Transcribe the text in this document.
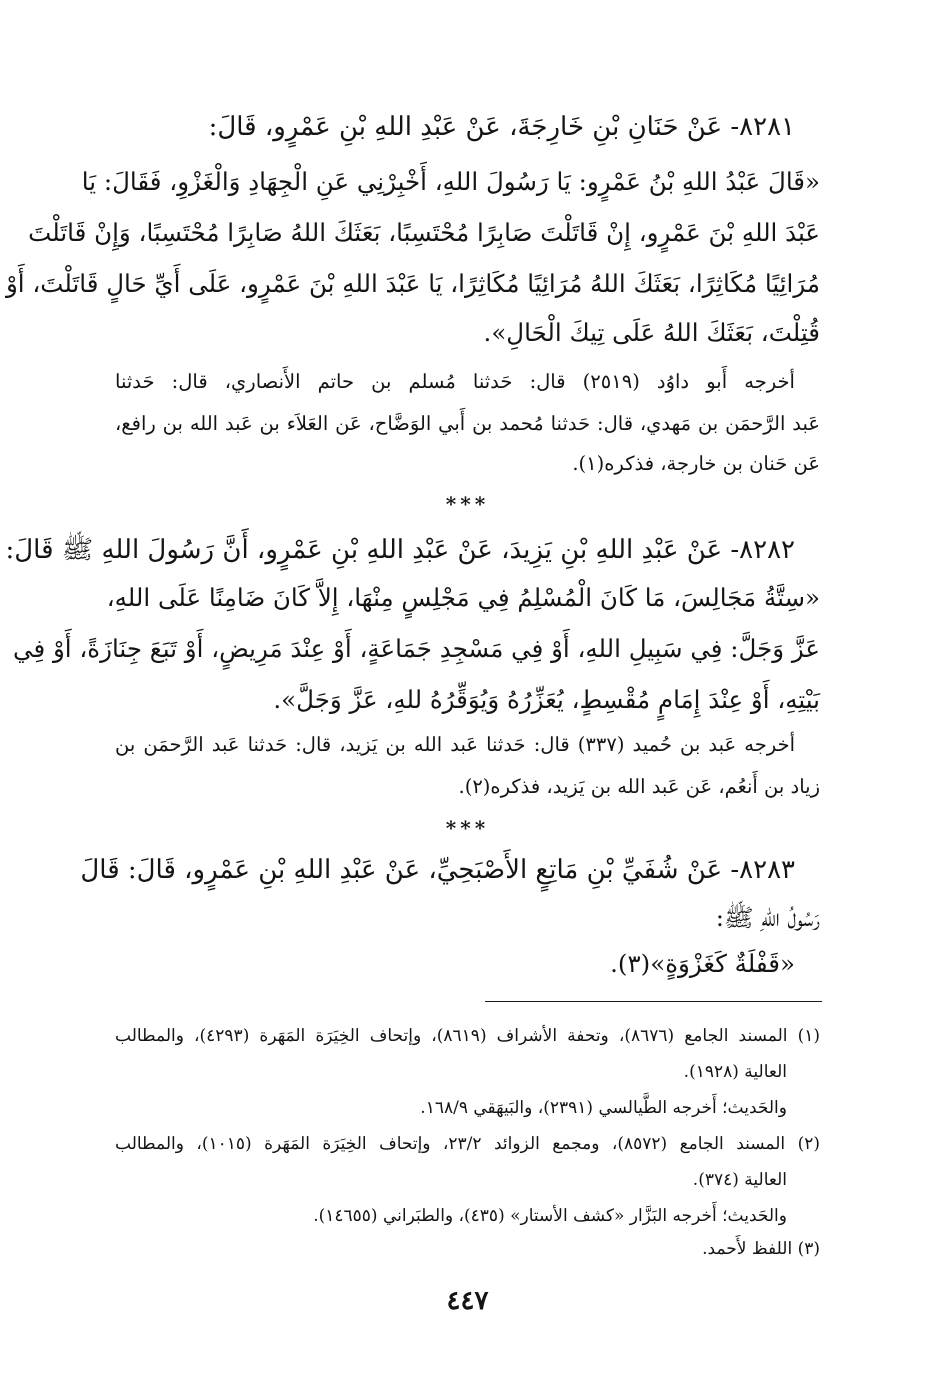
٨٢٨١- عَنْ حَنَانِ بْنِ خَارِجَةَ، عَنْ عَبْدِ اللهِ بْنِ عَمْرٍو، قَالَ:
«قَالَ عَبْدُ اللهِ بْنُ عَمْرٍو: يَا رَسُولَ اللهِ، أَخْبِرْنِي عَنِ الْجِهَادِ وَالْغَزْوِ، فَقَالَ: يَا
عَبْدَ اللهِ بْنَ عَمْرٍو، إِنْ قَاتَلْتَ صَابِرًا مُحْتَسِبًا، بَعَثَكَ اللهُ صَابِرًا مُحْتَسِبًا، وَإِنْ قَاتَلْتَ
مُرَائِيًا مُكَاثِرًا، بَعَثَكَ اللهُ مُرَائِيًا مُكَاثِرًا، يَا عَبْدَ اللهِ بْنَ عَمْرٍو، عَلَى أَيِّ حَالٍ قَاتَلْتَ، أَوْ
قُتِلْتَ، بَعَثَكَ اللهُ عَلَى تِيكَ الْحَالِ».
أخرجه أَبو داوُد (٢٥١٩) قال: حَدثنا مُسلم بن حاتم الأَنصاري، قال: حَدثنا
عَبد الرَّحمَن بن مَهدي، قال: حَدثنا مُحمد بن أَبي الوَضَّاح، عَن العَلاَء بن عَبد الله بن رافع،
عَن حَنان بن خارجة، فذكره(١).
***
٨٢٨٢- عَنْ عَبْدِ اللهِ بْنِ يَزِيدَ، عَنْ عَبْدِ اللهِ بْنِ عَمْرٍو، أَنَّ رَسُولَ اللهِ ﷺ قَالَ:
«سِتَّةُ مَجَالِسَ، مَا كَانَ الْمُسْلِمُ فِي مَجْلِسٍ مِنْهَا، إِلاَّ كَانَ ضَامِنًا عَلَى اللهِ،
عَزَّ وَجَلَّ: فِي سَبِيلِ اللهِ، أَوْ فِي مَسْجِدِ جَمَاعَةٍ، أَوْ عِنْدَ مَرِيضٍ، أَوْ تَبَعَ جِنَازَةً، أَوْ فِي
بَيْتِهِ، أَوْ عِنْدَ إِمَامٍ مُقْسِطٍ، يُعَزِّرُهُ وَيُوَقِّرُهُ للهِ، عَزَّ وَجَلَّ».
أخرجه عَبد بن حُميد (٣٣٧) قال: حَدثنا عَبد الله بن يَزيد، قال: حَدثنا عَبد الرَّحمَن بن
زياد بن أَنعُم، عَن عَبد الله بن يَزيد، فذكره(٢).
***
٨٢٨٣- عَنْ شُفَيِّ بْنِ مَاتِعٍ الأَصْبَحِيِّ، عَنْ عَبْدِ اللهِ بْنِ عَمْرٍو، قَالَ: قَالَ
رَسُولُ اللهِ ﷺ:
«قَفْلَةٌ كَغَزْوَةٍ»(٣).
(١) المسند الجامع (٨٦٧٦)، وتحفة الأشراف (٨٦١٩)، وإتحاف الخِيَرَة المَهَرة (٤٢٩٣)، والمطالب
العالية (١٩٢٨).
والحَديث؛ أَخرجه الطَّيالسي (٢٣٩١)، والبَيهَقي ١٦٨/٩.
(٢) المسند الجامع (٨٥٧٢)، ومجمع الزوائد ٢٣/٢، وإتحاف الخِيَرَة المَهَرة (١٠١٥)، والمطالب
العالية (٣٧٤).
والحَديث؛ أَخرجه البَزَّار «كشف الأستار» (٤٣٥)، والطبَراني (١٤٦٥٥).
(٣) اللفظ لأَحمد.
٤٤٧
